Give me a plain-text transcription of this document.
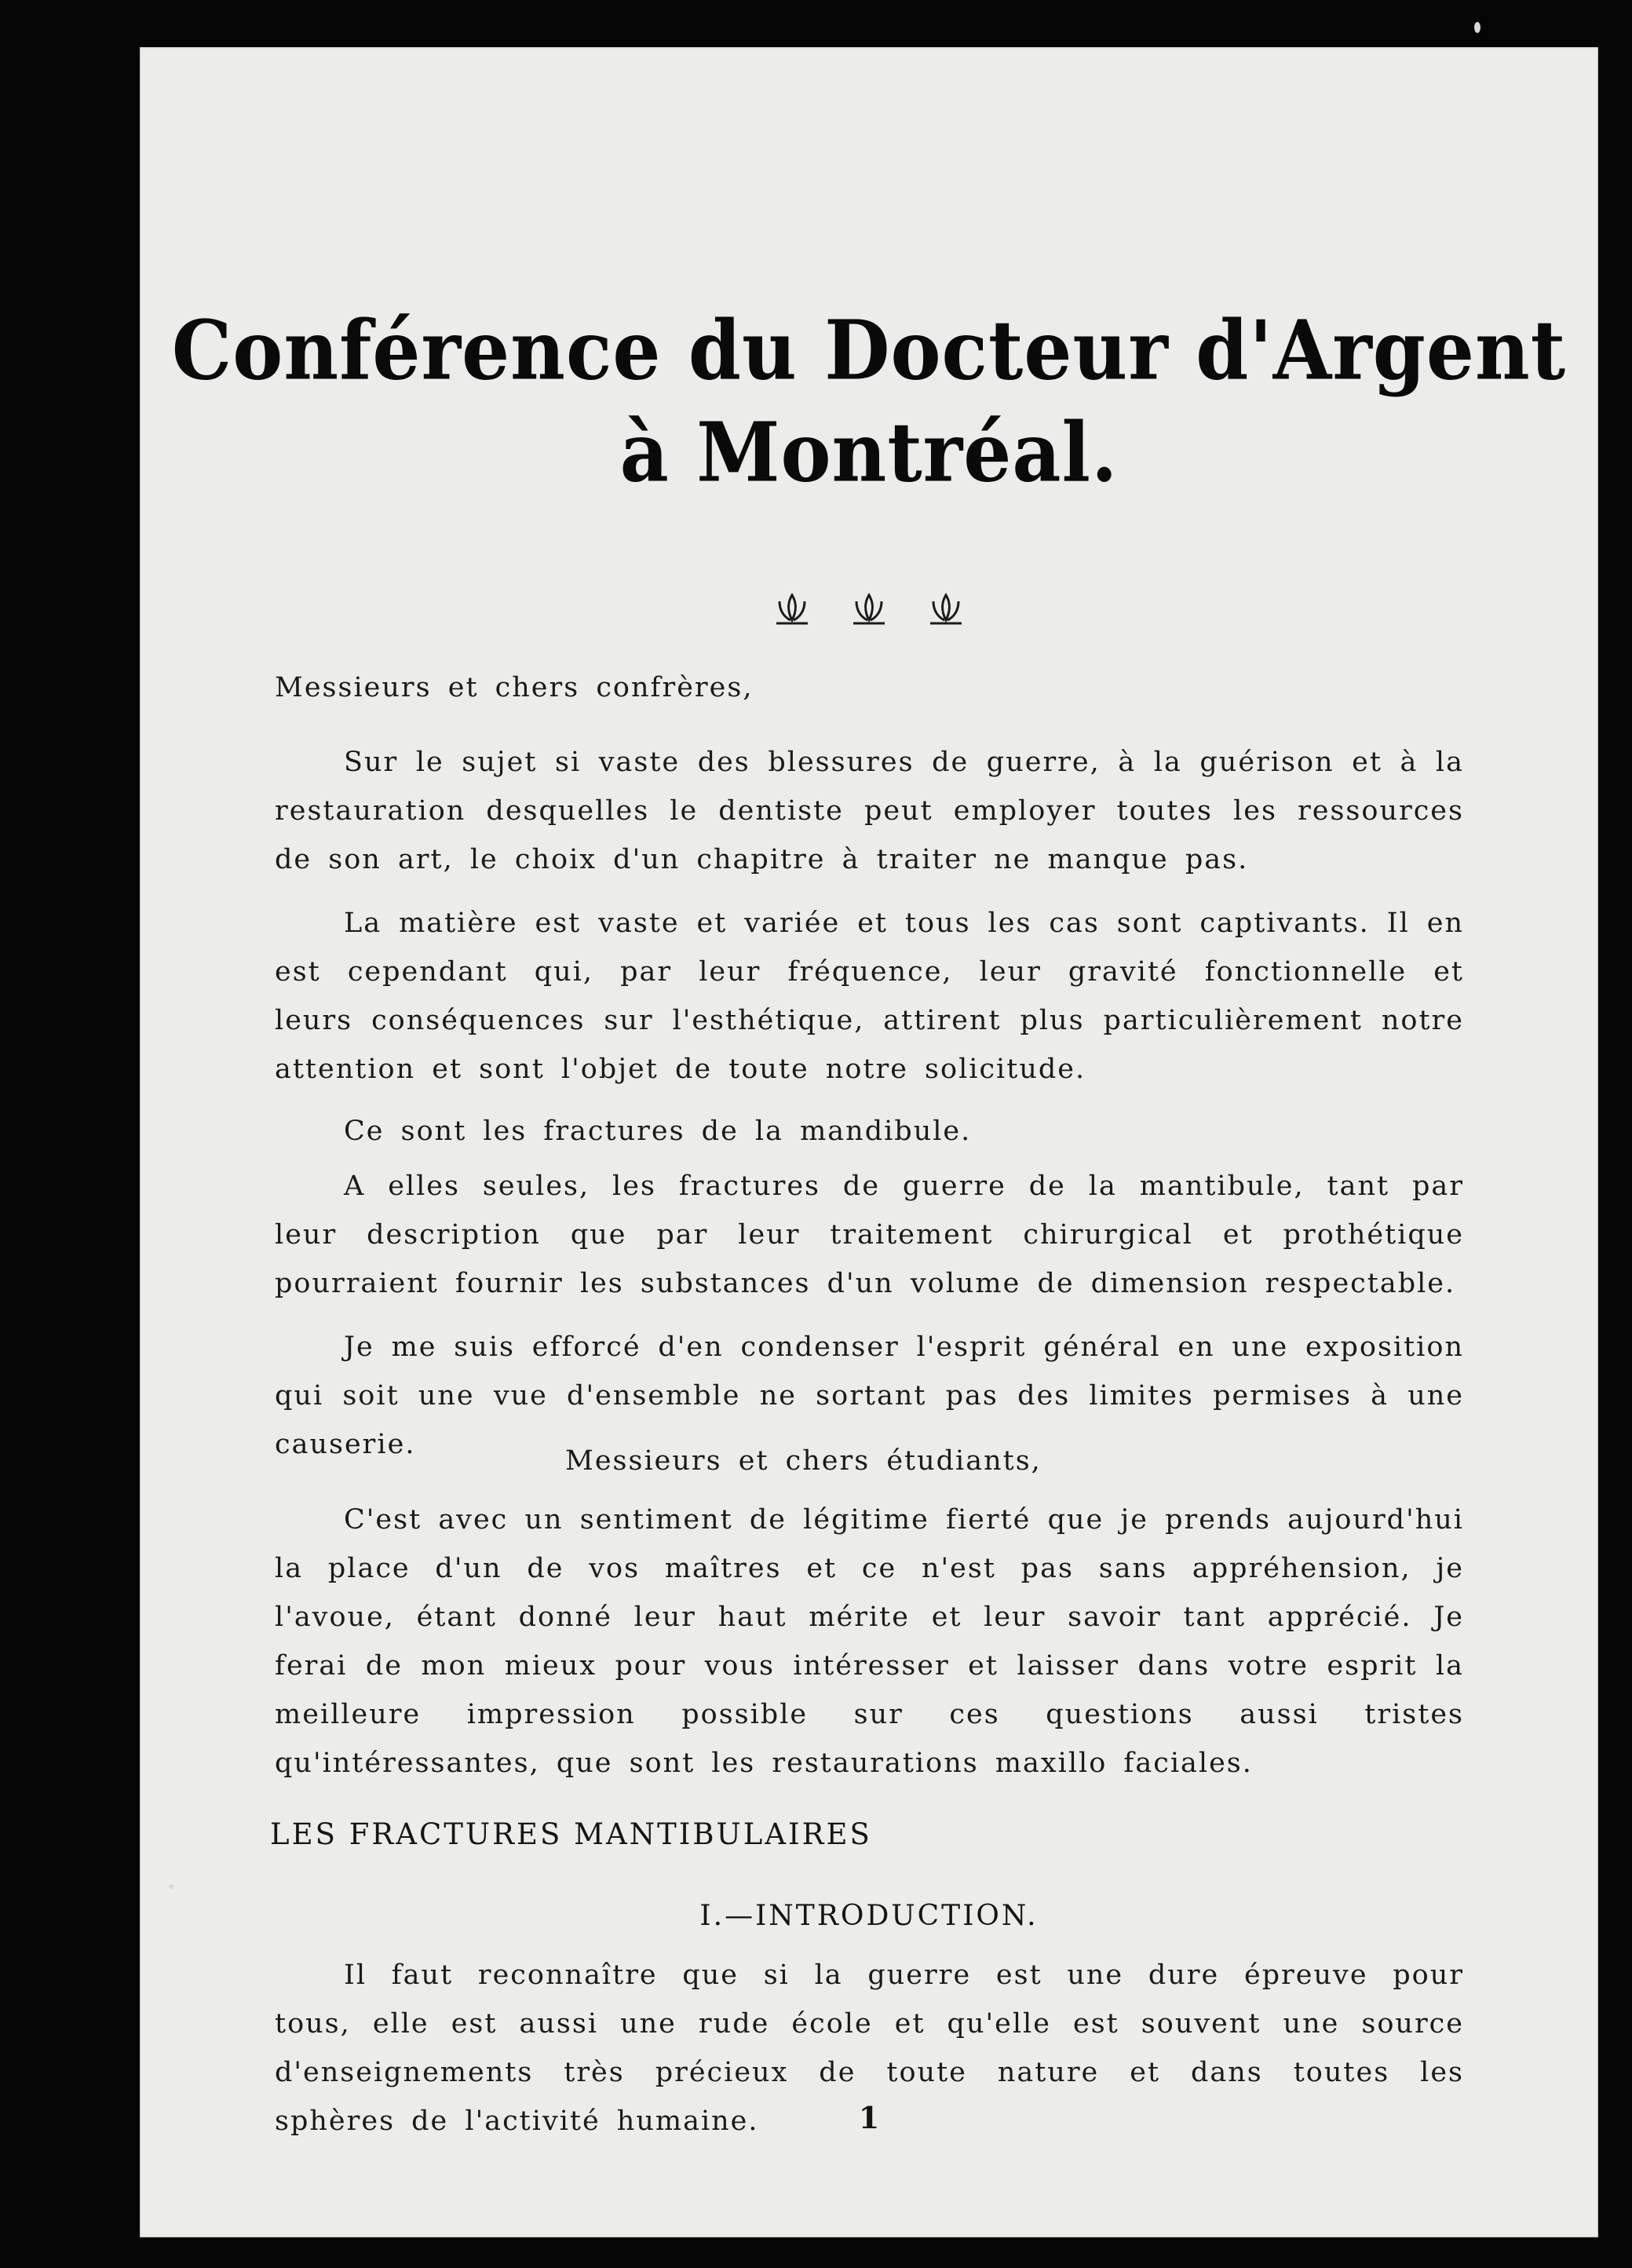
Conférence du Docteur d'Argent
à Montréal.
Messieurs et chers confrères,
Sur le sujet si vaste des blessures de guerre, à la guérison et à la restauration desquelles le dentiste peut employer toutes les ressources de son art, le choix d'un chapitre à traiter ne manque pas.
La matière est vaste et variée et tous les cas sont captivants. Il en est cependant qui, par leur fréquence, leur gravité fonctionnelle et leurs conséquences sur l'esthétique, attirent plus particulièrement notre attention et sont l'objet de toute notre solicitude.
Ce sont les fractures de la mandibule.
A elles seules, les fractures de guerre de la mantibule, tant par leur description que par leur traitement chirurgical et prothétique pourraient fournir les substances d'un volume de dimension respectable.
Je me suis efforcé d'en condenser l'esprit général en une exposition qui soit une vue d'ensemble ne sortant pas des limites permises à une causerie.
Messieurs et chers étudiants,
C'est avec un sentiment de légitime fierté que je prends aujourd'hui la place d'un de vos maîtres et ce n'est pas sans appréhension, je l'avoue, étant donné leur haut mérite et leur savoir tant apprécié. Je ferai de mon mieux pour vous intéresser et laisser dans votre esprit la meilleure impression possible sur ces questions aussi tristes qu'intéressantes, que sont les restaurations maxillo faciales.
LES FRACTURES MANTIBULAIRES
I.—INTRODUCTION.
Il faut reconnaître que si la guerre est une dure épreuve pour tous, elle est aussi une rude école et qu'elle est souvent une source d'enseignements très précieux de toute nature et dans toutes les sphères de l'activité humaine.	1
